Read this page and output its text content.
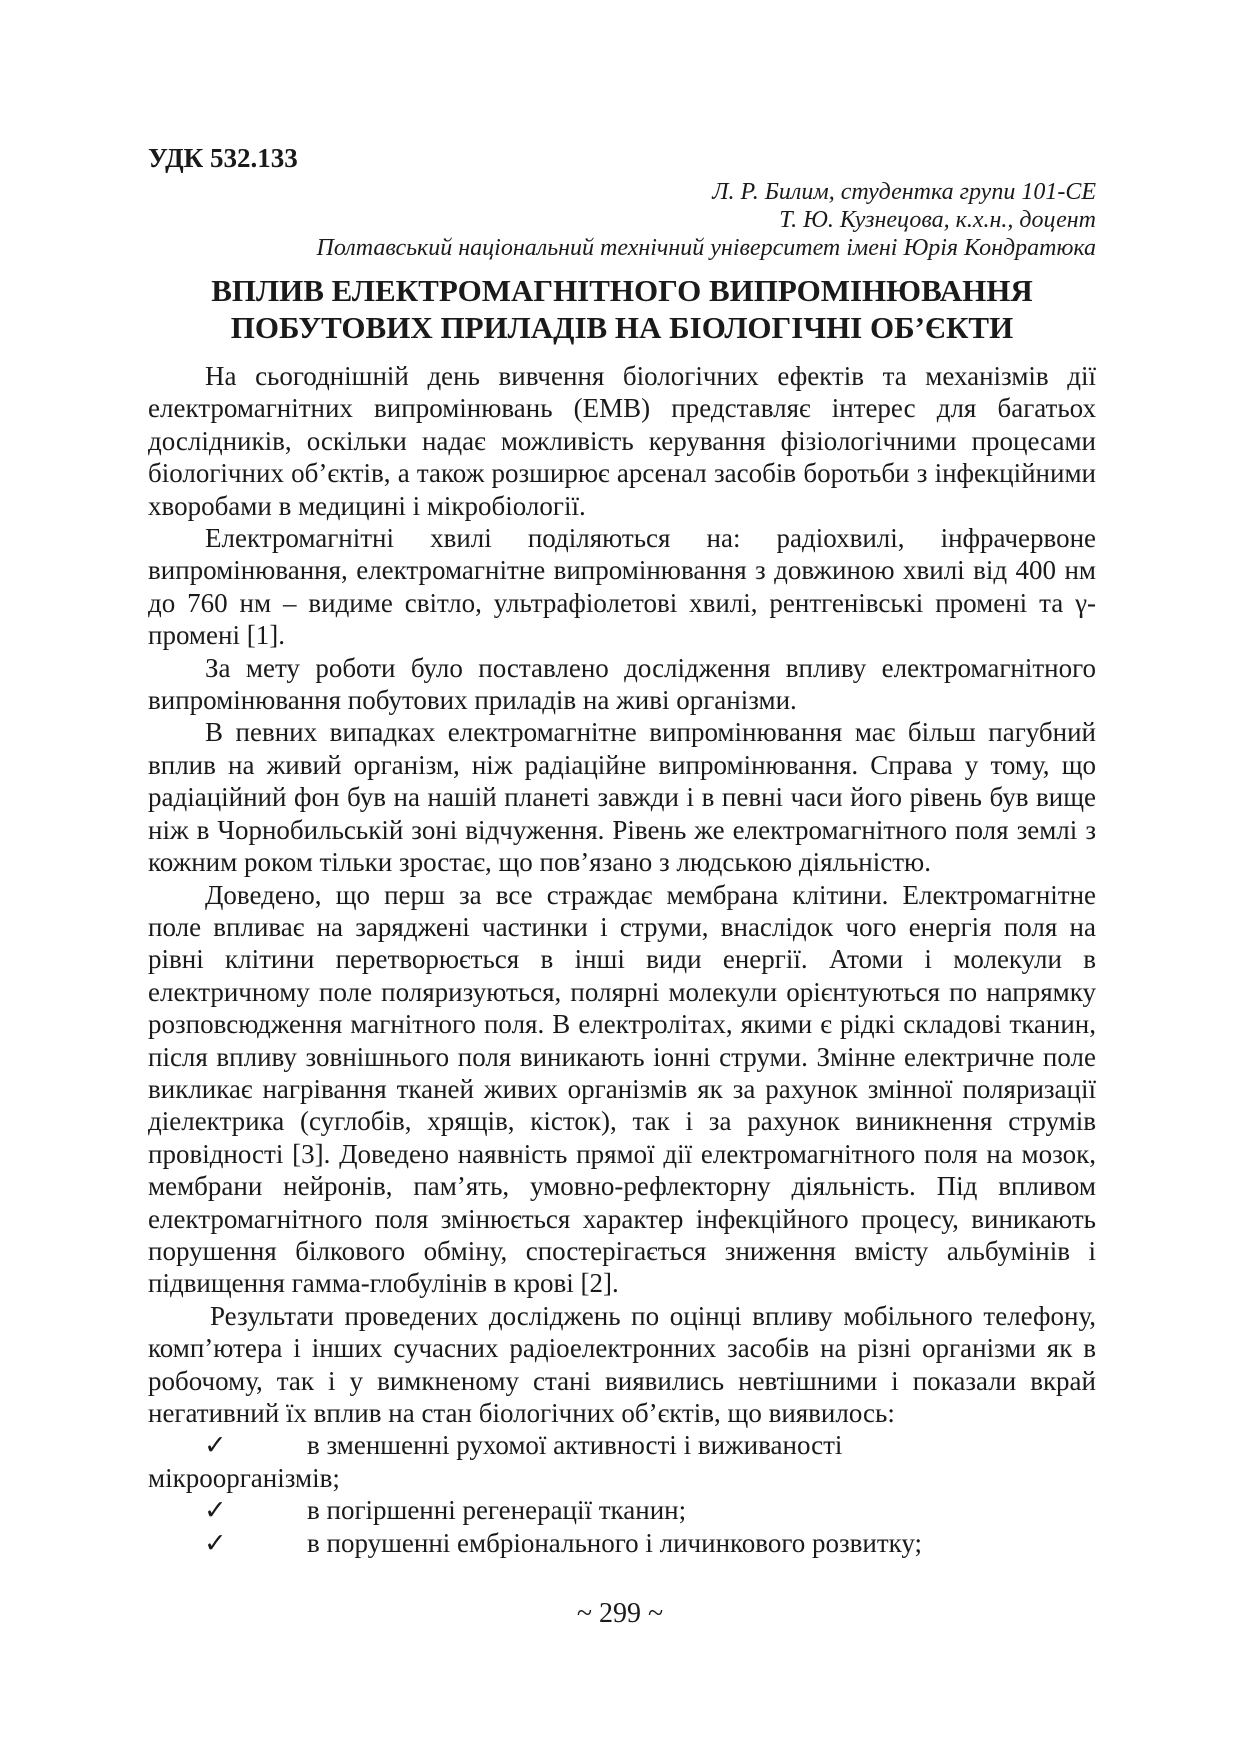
УДК 532.133

Л. Р. Билим, студентка групи 101-СЕ
Т. Ю. Кузнецова, к.х.н., доцент
Полтавський національний технічний університет імені Юрія Кондратюка
ВПЛИВ ЕЛЕКТРОМАГНІТНОГО ВИПРОМІНЮВАННЯ
ПОБУТОВИХ ПРИЛАДІВ НА БІОЛОГІЧНІ ОБ’ЄКТИ

На сьогоднішній день вивчення біологічних ефектів та механізмів дії електромагнітних випромінювань (ЕМВ) представляє інтерес для багатьох дослідників, оскільки надає можливість керування фізіологічними процесами біологічних об’єктів, а також розширює арсенал засобів боротьби з інфекційними хворобами в медицині і мікробіології.

Електромагнітні хвилі поділяються на: радіохвилі, інфрачервоне випромінювання, електромагнітне випромінювання з довжиною хвилі від 400 нм до 760 нм – видиме світло, ультрафіолетові хвилі, рентгенівські промені та γ-промені [1].

За мету роботи було поставлено дослідження впливу електромагнітного випромінювання побутових приладів на живі організми.

В певних випадках електромагнітне випромінювання має більш пагубний вплив на живий організм, ніж радіаційне випромінювання. Справа у тому, що радіаційний фон був на нашій планеті завжди і в певні часи його рівень був вище ніж в Чорнобильській зоні відчуження. Рівень же електромагнітного поля землі з кожним роком тільки зростає, що пов’язано з людською діяльністю.

Доведено, що перш за все страждає мембрана клітини. Електромагнітне поле впливає на заряджені частинки і струми, внаслідок чого енергія поля на рівні клітини перетворюється в інші види енергії. Атоми і молекули в електричному поле поляризуються, полярні молекули орієнтуються по напрямку розповсюдження магнітного поля. В електролітах, якими є рідкі складові тканин, після впливу зовнішнього поля виникають іонні струми. Змінне електричне поле викликає нагрівання тканей живих організмів як за рахунок змінної поляризації діелектрика (суглобів, хрящів, кісток), так і за рахунок виникнення струмів провідності [3]. Доведено наявність прямої дії електромагнітного поля на мозок, мембрани нейронів, пам’ять, умовно-рефлекторну діяльність. Під впливом електромагнітного поля змінюється характер інфекційного процесу, виникають порушення білкового обміну, спостерігається зниження вмісту альбумінів і підвищення гамма-глобулінів в крові [2].

Результати проведених досліджень по оцінці впливу мобільного телефону, комп’ютера і інших сучасних радіоелектронних засобів на різні організми як в робочому, так і у вимкненому стані виявились невтішними і показали вкрай негативний їх вплив на стан біологічних об’єктів, що виявилось:

✓	в зменшенні рухомої активності і виживаності
мікроорганізмів;
✓	в погіршенні регенерації тканин;
✓	в порушенні ембріонального і личинкового розвитку;
~ 299 ~
